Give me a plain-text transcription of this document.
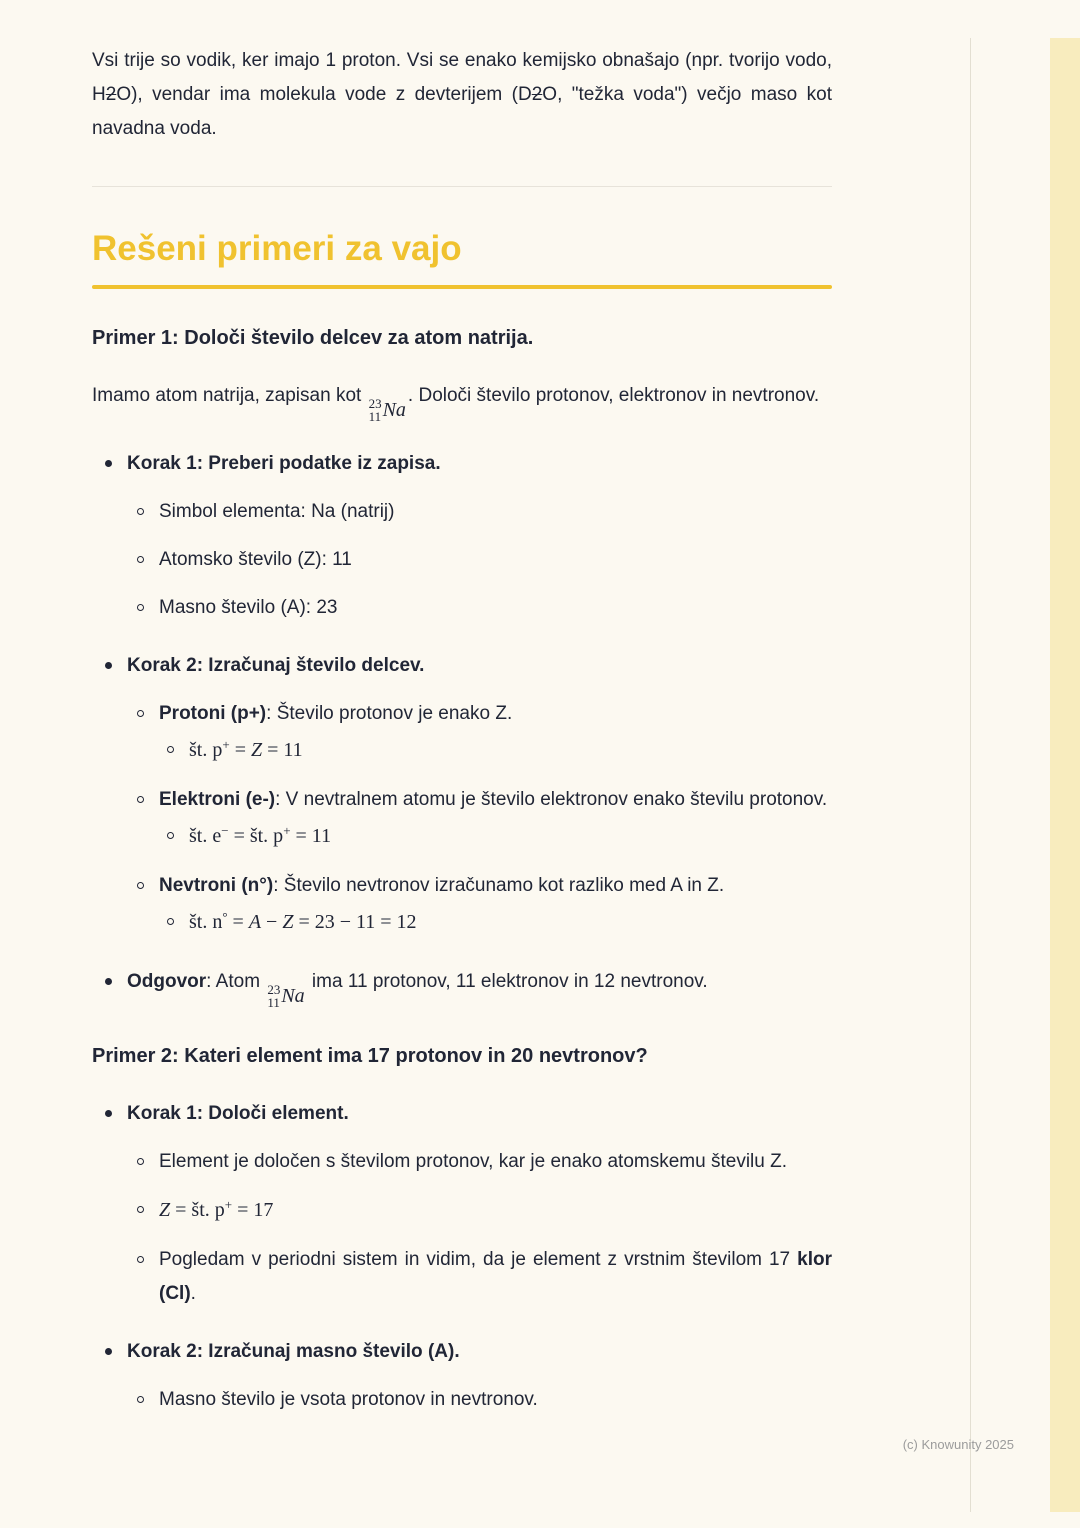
Vsi trije so vodik, ker imajo 1 proton. Vsi se enako kemijsko obnašajo (npr. tvorijo vodo, H2O), vendar ima molekula vode z devterijem (D2O, "težka voda") večjo maso kot navadna voda.

Rešeni primeri za vajo

Primer 1: Določi število delcev za atom natrija.

Imamo atom natrija, zapisan kot 23
11 Na
. Določi število protonov, elektronov in nevtronov.

Korak 1: Preberi podatke iz zapisa.
Simbol elementa: Na (natrij)
Atomsko število (Z): 11
Masno število (A): 23
Korak 2: Izračunaj število delcev.
Protoni (p+): Število protonov je enako Z.
št. p+ = Z = 11
Elektroni (e-): V nevtralnem atomu je število elektronov enako številu protonov.
št. e− = št. p+ = 11
Nevtroni (n°): Število nevtronov izračunamo kot razliko med A in Z.
št. n° = A − Z = 23 − 11 = 12
Odgovor: Atom 23
11 Na
ima 11 protonov, 11 elektronov in 12 nevtronov.

Primer 2: Kateri element ima 17 protonov in 20 nevtronov?

Korak 1: Določi element.
Element je določen s številom protonov, kar je enako atomskemu številu Z.
Z = št. p+ = 17
Pogledam v periodni sistem in vidim, da je element z vrstnim številom 17 klor (Cl).
Korak 2: Izračunaj masno število (A).
Masno število je vsota protonov in nevtronov.
(c) Knowunity 2025
